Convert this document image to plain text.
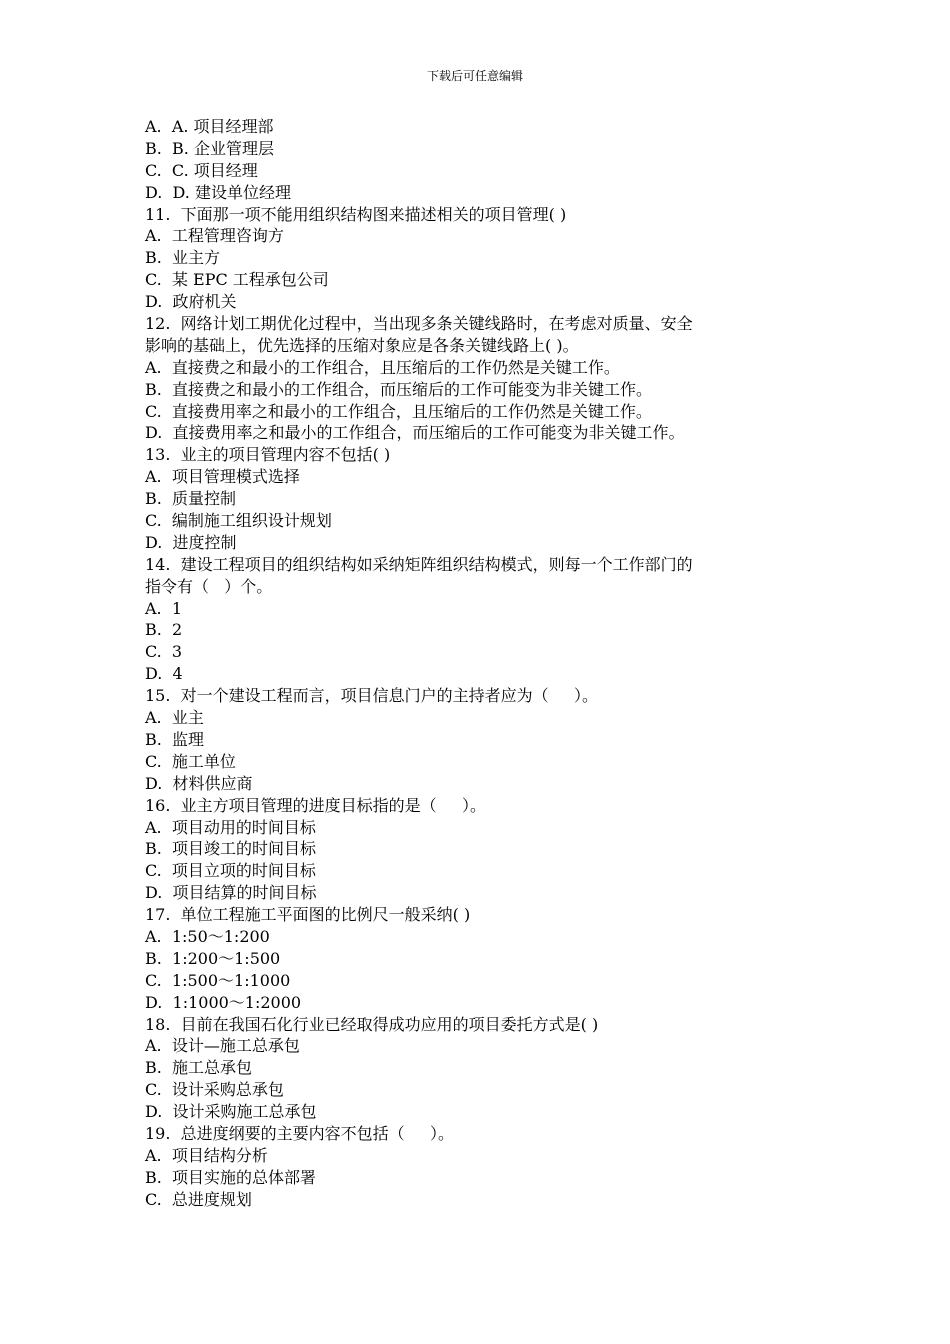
下载后可任意编辑
A.  A. 项目经理部
B.  B. 企业管理层
C.  C. 项目经理
D.  D. 建设单位经理
11.  下面那一项不能用组织结构图来描述相关的项目管理( )
A.  工程管理咨询方
B.  业主方
C.  某 EPC 工程承包公司
D.  政府机关
12.  网络计划工期优化过程中，当出现多条关键线路时，在考虑对质量、安全
影响的基础上，优先选择的压缩对象应是各条关键线路上( )。
A.  直接费之和最小的工作组合，且压缩后的工作仍然是关键工作。
B.  直接费之和最小的工作组合，而压缩后的工作可能变为非关键工作。
C.  直接费用率之和最小的工作组合，且压缩后的工作仍然是关键工作。
D.  直接费用率之和最小的工作组合，而压缩后的工作可能变为非关键工作。
13.  业主的项目管理内容不包括( )
A.  项目管理模式选择
B.  质量控制
C.  编制施工组织设计规划
D.  进度控制
14.  建设工程项目的组织结构如采纳矩阵组织结构模式，则每一个工作部门的
指令有（   ）个。
A.  1
B.  2
C.  3
D.  4
15.  对一个建设工程而言，项目信息门户的主持者应为（     ）。
A.  业主
B.  监理
C.  施工单位
D.  材料供应商
16.  业主方项目管理的进度目标指的是（     ）。
A.  项目动用的时间目标
B.  项目竣工的时间目标
C.  项目立项的时间目标
D.  项目结算的时间目标
17.  单位工程施工平面图的比例尺一般采纳( )
A.  1:50～1:200
B.  1:200～1:500
C.  1:500～1:1000
D.  1:1000～1:2000
18.  目前在我国石化行业已经取得成功应用的项目委托方式是( )
A.  设计—施工总承包
B.  施工总承包
C.  设计采购总承包
D.  设计采购施工总承包
19.  总进度纲要的主要内容不包括（     ）。
A.  项目结构分析
B.  项目实施的总体部署
C.  总进度规划
